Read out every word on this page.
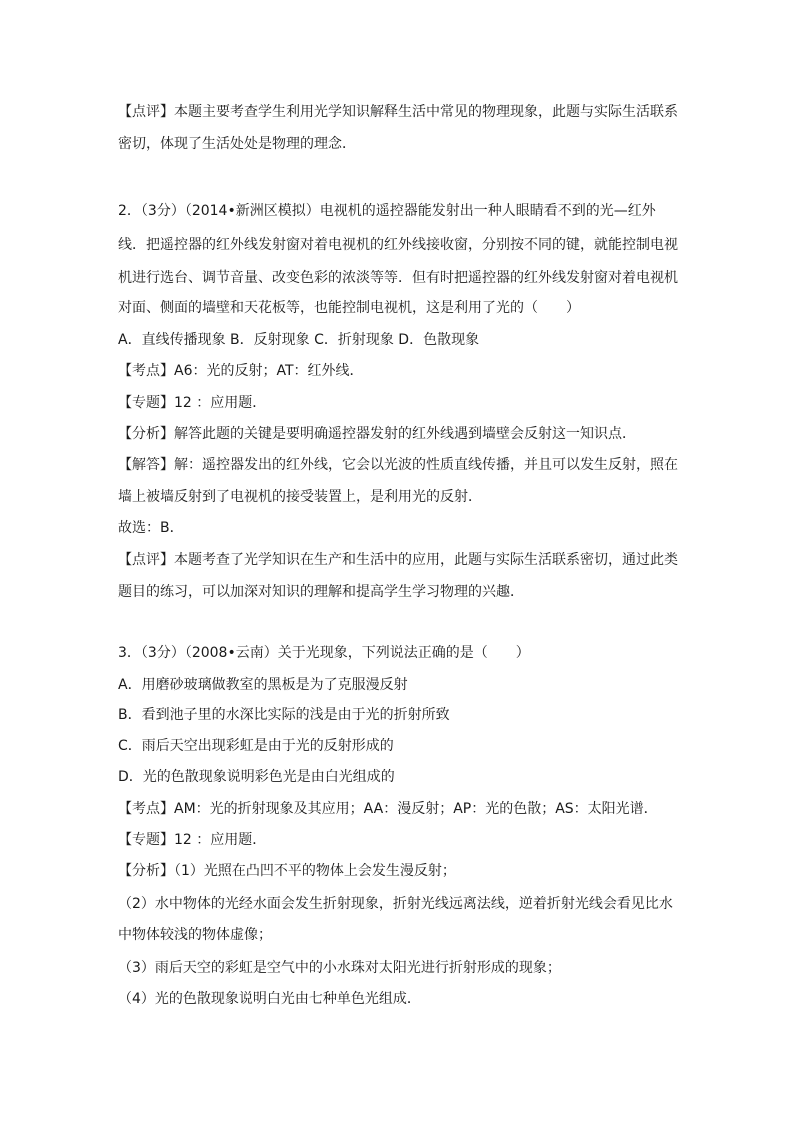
【点评】本题主要考查学生利用光学知识解释生活中常见的物理现象，此题与实际生活联系
密切，体现了生活处处是物理的理念．
2．（3分）（2014•新洲区模拟）电视机的遥控器能发射出一种人眼睛看不到的光—红外
线．把遥控器的红外线发射窗对着电视机的红外线接收窗，分别按不同的键，就能控制电视
机进行选台、调节音量、改变色彩的浓淡等等．但有时把遥控器的红外线发射窗对着电视机
对面、侧面的墙壁和天花板等，也能控制电视机，这是利用了光的（　　）
A．直线传播现象 B．反射现象 C．折射现象 D．色散现象
【考点】A6：光的反射；AT：红外线．
【专题】12 ：应用题．
【分析】解答此题的关键是要明确遥控器发射的红外线遇到墙壁会反射这一知识点．
【解答】解：遥控器发出的红外线，它会以光波的性质直线传播，并且可以发生反射，照在
墙上被墙反射到了电视机的接受装置上，是利用光的反射．
故选：B．
【点评】本题考查了光学知识在生产和生活中的应用，此题与实际生活联系密切，通过此类
题目的练习，可以加深对知识的理解和提高学生学习物理的兴趣．
3．（3分）（2008•云南）关于光现象，下列说法正确的是（　　）
A．用磨砂玻璃做教室的黑板是为了克服漫反射
B．看到池子里的水深比实际的浅是由于光的折射所致
C．雨后天空出现彩虹是由于光的反射形成的
D．光的色散现象说明彩色光是由白光组成的
【考点】AM：光的折射现象及其应用；AA：漫反射；AP：光的色散；AS：太阳光谱．
【专题】12 ：应用题．
【分析】（1）光照在凸凹不平的物体上会发生漫反射；
（2）水中物体的光经水面会发生折射现象，折射光线远离法线，逆着折射光线会看见比水
中物体较浅的物体虚像；
（3）雨后天空的彩虹是空气中的小水珠对太阳光进行折射形成的现象；
（4）光的色散现象说明白光由七种单色光组成．
